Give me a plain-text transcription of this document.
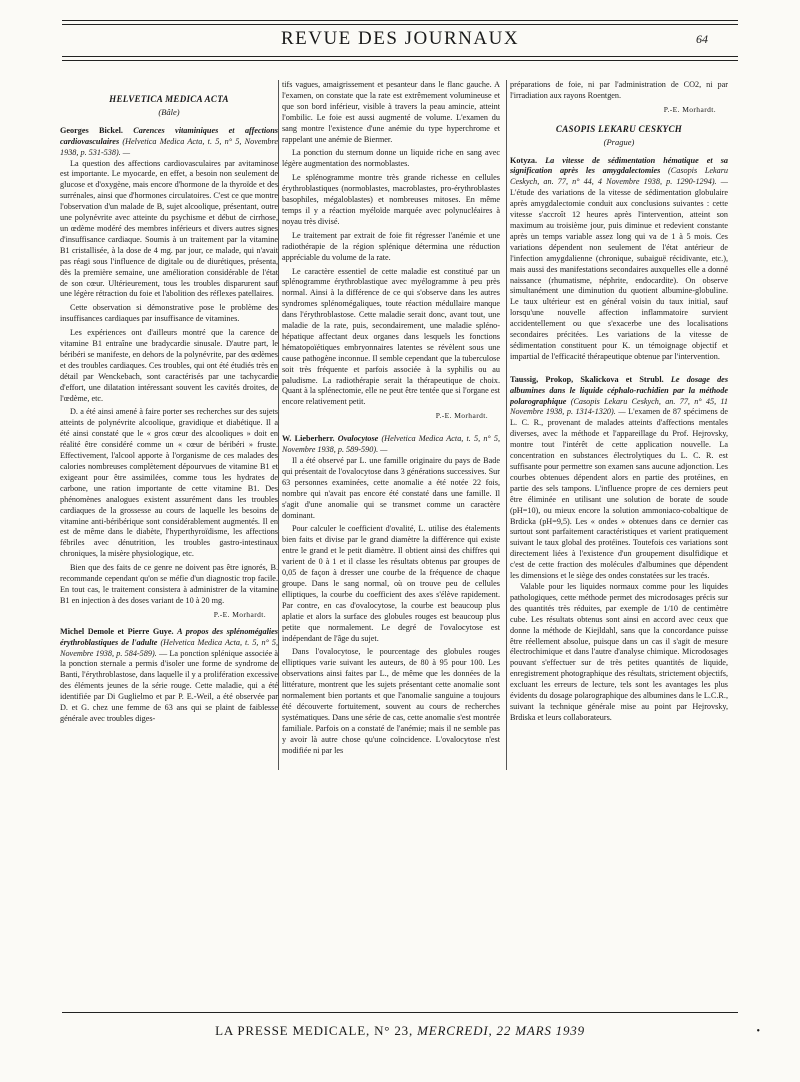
REVUE DES JOURNAUX	64
HELVETICA MEDICA ACTA
(Bâle)
Georges Bickel. Carences vitaminiques et affections cardiovasculaires (Helvetica Medica Acta, t. 5, n° 5, Novembre 1938, p. 531-538). —

La question des affections cardiovasculaires par avitaminose est importante. Le myocarde, en effet, a besoin non seulement de glucose et d'oxygène, mais encore d'hormone de la thyroïde et des surrénales, ainsi que d'hormones circulatoires. C'est ce que montre l'observation d'un malade de B, sujet alcoolique, présentant, outre une polynévrite avec atteinte du psychisme et début de cirrhose, un œdème modéré des membres inférieurs et divers autres signes d'insuffisance cardiaque. Soumis à un traitement par la vitamine B1 cristallisée, à la dose de 4 mg. par jour, ce malade, qui n'avait pas réagi sous l'influence de digitale ou de diurétiques, présenta, dès la première semaine, une amélioration considérable de l'état de son cœur. Ultérieurement, tous les troubles disparurent sauf une légère rétraction du foie et l'abolition des réflexes patellaires.

Cette observation si démonstrative pose le problème des insuffisances cardiaques par insuffisance de vitamines.

Les expériences ont d'ailleurs montré que la carence de vitamine B1 entraîne une bradycardie sinusale. D'autre part, le béribéri se manifeste, en dehors de la polynévrite, par des œdèmes et des troubles cardiaques. Ces troubles, qui ont été étudiés très en détail par Wenckebach, sont caractérisés par une tachycardie d'effort, une dilatation intéressant souvent les cavités droites, de l'œdème, etc.

D. a été ainsi amené à faire porter ses recherches sur des sujets atteints de polynévrite alcoolique, gravidique et diabétique. Il a été ainsi constaté que le « gros cœur des alcooliques » doit en réalité être considéré comme un « cœur de béribéri » fruste. Effectivement, l'alcool apporte à l'organisme de ces malades des calories nombreuses complètement dépourvues de vitamine B1 et exigeant pour être assimilées, comme tous les hydrates de carbone, une ration importante de cette vitamine B1. Des phénomènes analogues existent assurément dans les troubles cardiaques de la grossesse au cours de laquelle les besoins de vitamine anti-béribérique sont considérablement augmentés. Il en est de même dans le diabète, l'hyperthyroïdisme, les affections fébriles avec dénutrition, les troubles gastro-intestinaux chroniques, la misère physiologique, etc.

Bien que des faits de ce genre ne doivent pas être ignorés, B. recommande cependant qu'on se méfie d'un diagnostic trop facile. En tout cas, le traitement consistera à administrer de la vitamine B1 en injection à des doses variant de 10 à 20 mg.

P.-E. Morhardt.
Michel Demole et Pierre Guye. A propos des splénomégalies érythroblastiques de l'adulte (Helvetica Medica Acta, t. 5, n° 5, Novembre 1938, p. 584-589). — La ponction splénique associée à la ponction sternale a permis d'isoler une forme de syndrome de Banti, l'érythroblastose, dans laquelle il y a prolifération excessive des éléments jeunes de la série rouge. Cette maladie, qui a été identifiée par Di Guglielmo et par P. E.-Weil, a été observée par D. et G. chez une femme de 63 ans qui se plaint de faiblesse générale avec troubles diges-

tifs vagues, amaigrissement et pesanteur dans le flanc gauche. A l'examen, on constate que la rate est extrêmement volumineuse et que son bord inférieur, visible à travers la peau amincie, atteint l'ombilic. Le foie est aussi augmenté de volume. L'examen du sang montre l'existence d'une anémie du type hyperchrome et rappelant une anémie de Biermer.

La ponction du sternum donne un liquide riche en sang avec légère augmentation des normoblastes.

Le splénogramme montre très grande richesse en cellules érythroblastiques (normoblastes, macroblastes, pro-érythroblastes basophiles, mégaloblastes) et nombreuses mitoses. En même temps il y a réaction myéloïde marquée avec polynucléaires à noyau très divisé.

Le traitement par extrait de foie fit régresser l'anémie et une radiothérapie de la région splénique détermina une réduction appréciable du volume de la rate.

Le caractère essentiel de cette maladie est constitué par un splénogramme érythroblastique avec myélogramme à peu près normal. Ainsi à la différence de ce qui s'observe dans les autres syndromes splénomégaliques, toute réaction médullaire manque dans l'érythroblastose. Cette maladie serait donc, avant tout, une maladie de la rate, puis, secondairement, une maladie spléno-hépatique affectant deux organes dans lesquels les fonctions hématopoïétiques embryonnaires latentes se révèlent sous une cause pathogène inconnue. Il semble cependant que la tuberculose soit très fréquente et parfois associée à la syphilis ou au paludisme. La radiothérapie serait la thérapeutique de choix. Quant à la splénectomie, elle ne peut être tentée que si l'organe est encore relativement petit.

P.-E. Morhardt.
W. Lieberherr. Ovalocytose (Helvetica Medica Acta, t. 5, n° 5, Novembre 1938, p. 589-590). —

Il a été observé par L. une famille originaire du pays de Bade qui présentait de l'ovalocytose dans 3 générations successives. Sur 63 personnes examinées, cette anomalie a été notée 22 fois, nombre qui n'avait pas encore été constaté dans une famille. Il s'agit d'une anomalie qui se transmet comme un caractère dominant.

Pour calculer le coefficient d'ovalité, L. utilise des étalements bien faits et divise par le grand diamètre la différence qui existe entre le grand et le petit diamètre. Il obtient ainsi des chiffres qui varient de 0 à 1 et il classe les résultats obtenus par groupes de 0,05 de façon à dresser une courbe de la fréquence de chaque groupe. Dans le sang normal, où on trouve peu de cellules elliptiques, la courbe du coefficient des axes s'élève rapidement. Par contre, en cas d'ovalocytose, la courbe est beaucoup plus aplatie et alors la surface des globules rouges est beaucoup plus petite que normalement. Le degré de l'ovalocytose est indépendant de l'âge du sujet.

Dans l'ovalocytose, le pourcentage des globules rouges elliptiques varie suivant les auteurs, de 80 à 95 pour 100. Les observations ainsi faites par L., de même que les données de la littérature, montrent que les sujets présentant cette anomalie sont normalement bien portants et que l'anomalie sanguine a toujours été découverte fortuitement, souvent au cours de recherches systématiques. Dans une série de cas, cette anomalie s'est montrée familiale. Parfois on a constaté de l'anémie; mais il ne semble pas y avoir là autre chose qu'une coïncidence. L'ovalocytose n'est modifiée ni par les

préparations de foie, ni par l'administration de CO2, ni par l'irradiation aux rayons Roentgen.

P.-E. Morhardt.
CASOPIS LEKARU CESKYCH
(Prague)
Kotyza. La vitesse de sédimentation hématique et sa signification après les amygdalectomies (Casopis Lekaru Ceskych, an. 77, n° 44, 4 Novembre 1938, p. 1290-1294). — L'étude des variations de la vitesse de sédimentation globulaire après amygdalectomie conduit aux conclusions suivantes : cette vitesse s'accroît 12 heures après l'intervention, atteint son maximum au troisième jour, puis diminue et redevient constante après un temps variable assez long qui va de 1 à 5 mois. Ces variations dépendent non seulement de l'état antérieur de l'infection amygdalienne (chronique, subaiguë récidivante, etc.), mais aussi des manifestations secondaires auxquelles elle a donné naissance (rhumatisme, néphrite, endocardite). On observe simultanément une diminution du quotient albumine-globuline. Le taux ultérieur est en général voisin du taux initial, sauf lorsqu'une nouvelle affection inflammatoire survient accidentellement ou que s'exacerbe une des localisations secondaires précitées. Les variations de la vitesse de sédimentation constituent pour K. un témoignage objectif et impartial de l'efficacité thérapeutique obtenue par l'intervention.
Taussig, Prokop, Skalickova et Strubl. Le dosage des albumines dans le liquide céphalo-rachidien par la méthode polarographique (Casopis Lekaru Ceskych, an. 77, n° 45, 11 Novembre 1938, p. 1314-1320). — L'examen de 87 spécimens de L. C. R., provenant de malades atteints d'affections mentales diverses, avec la méthode et l'appareillage du Prof. Hejrovsky, montre tout l'intérêt de cette application nouvelle. La concentration en substances électrolytiques du L. C. R. est suffisante pour permettre son examen sans aucune adjonction. Les courbes obtenues dépendent alors en partie des protéines, en partie des sels tampons. L'influence propre de ces derniers peut être éliminée en utilisant une solution de borate de soude (pH=10), ou mieux encore la solution ammoniaco-cobaltique de Brdicka (pH=9,5). Les « ondes » obtenues dans ce dernier cas surtout sont parfaitement caractéristiques et varient pratiquement suivant le taux global des protéines. Toutefois ces variations sont directement liées à l'existence d'un groupement disulfidique et c'est de cette fraction des molécules d'albumines que dépendent les dimensions et le siège des ondes constatées sur les tracés.

Valable pour les liquides normaux comme pour les liquides pathologiques, cette méthode permet des microdosages précis sur des quantités très réduites, par exemple de 1/10 de centimètre cube. Les résultats obtenus sont ainsi en accord avec ceux que donne la méthode de Kiejldahl, sans que la concordance puisse être réellement absolue, puisque dans un cas il s'agit de mesure électrochimique et dans l'autre d'analyse chimique. Microdosages pouvant s'effectuer sur de très petites quantités de liquide, enregistrement photographique des résultats, strictement objectifs, excluant les erreurs de lecture, tels sont les avantages les plus évidents du dosage polarographique des albumines dans le L.C.R., suivant la technique générale mise au point par Hejrovsky, Brdiska et leurs collaborateurs.

LA PRESSE MEDICALE, N° 23, MERCREDI, 22 MARS 1939	•
